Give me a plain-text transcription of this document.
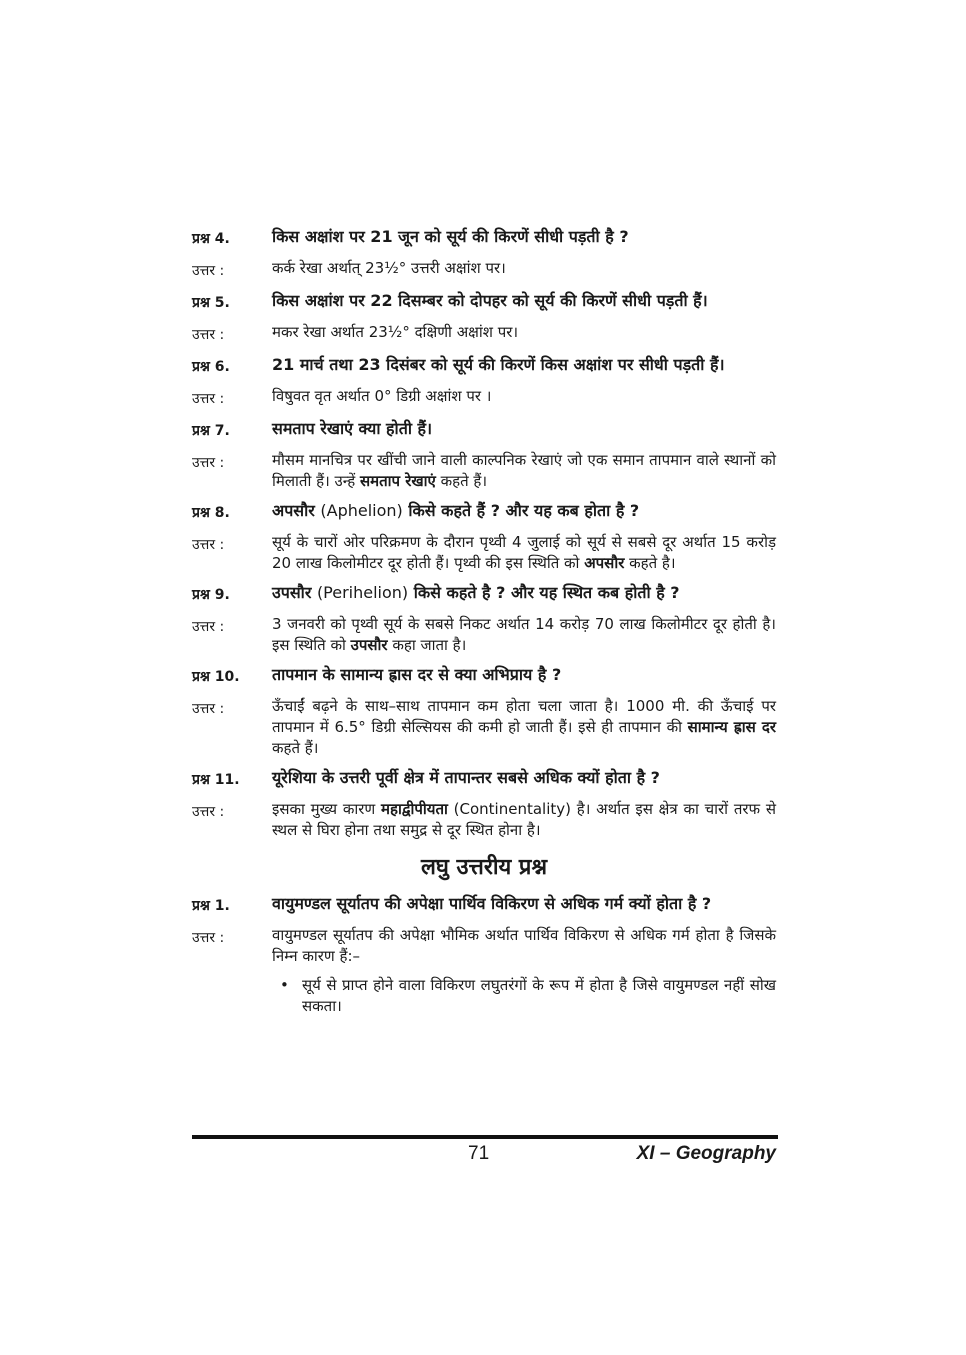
प्रश्न 4.	किस अक्षांश पर 21 जून को सूर्य की किरणें सीधी पड़ती है ?
उत्तर :	कर्क रेखा अर्थात् 23½° उत्तरी अक्षांश पर।
प्रश्न 5.	किस अक्षांश पर 22 दिसम्बर को दोपहर को सूर्य की किरणें सीधी पड़ती हैं।
उत्तर :	मकर रेखा अर्थात 23½° दक्षिणी अक्षांश पर।
प्रश्न 6.	21 मार्च तथा 23 दिसंबर को सूर्य की किरणें किस अक्षांश पर सीधी पड़ती हैं।
उत्तर :	विषुवत वृत अर्थात 0° डिग्री अक्षांश पर ।
प्रश्न 7.	समताप रेखाएं क्या होती हैं।
उत्तर :	मौसम मानचित्र पर खींची जाने वाली काल्पनिक रेखाएं जो एक समान तापमान वाले स्थानों को मिलाती हैं। उन्हें समताप रेखाएं कहते हैं।
प्रश्न 8.	अपसौर (Aphelion) किसे कहते हैं ? और यह कब होता है ?
उत्तर :	सूर्य के चारों ओर परिक्रमण के दौरान पृथ्वी 4 जुलाई को सूर्य से सबसे दूर अर्थात 15 करोड़ 20 लाख किलोमीटर दूर होती हैं। पृथ्वी की इस स्थिति को अपसौर कहते है।
प्रश्न 9.	उपसौर (Perihelion) किसे कहते है ? और यह स्थित कब होती है ?
उत्तर :	3 जनवरी को पृथ्वी सूर्य के सबसे निकट अर्थात 14 करोड़ 70 लाख किलोमीटर दूर होती है। इस स्थिति को उपसौर कहा जाता है।
प्रश्न 10.	तापमान के सामान्य ह्रास दर से क्या अभिप्राय है ?
उत्तर :	ऊँचाईं बढ़ने के साथ–साथ तापमान कम होता चला जाता है। 1000 मी. की ऊँचाई पर तापमान में 6.5° डिग्री सेल्सियस की कमी हो जाती हैं। इसे ही तापमान की सामान्य ह्रास दर कहते हैं।
प्रश्न 11.	यूरेशिया के उत्तरी पूर्वी क्षेत्र में तापान्तर सबसे अधिक क्यों होता है ?
उत्तर :	इसका मुख्य कारण महाद्वीपीयता (Continentality) है। अर्थात इस क्षेत्र का चारों तरफ से स्थल से घिरा होना तथा समुद्र से दूर स्थित होना है।
लघु उत्तरीय प्रश्न
प्रश्न 1.	वायुमण्डल सूर्यातप की अपेक्षा पार्थिव विकिरण से अधिक गर्म क्यों होता है ?
उत्तर :	वायुमण्डल सूर्यातप की अपेक्षा भौमिक अर्थात पार्थिव विकिरण से अधिक गर्म होता है जिसके निम्न कारण हैं:–
• सूर्य से प्राप्त होने वाला विकिरण लघुतरंगों के रूप में होता है जिसे वायुमण्डल नहीं सोख सकता।
71	XI – Geography
